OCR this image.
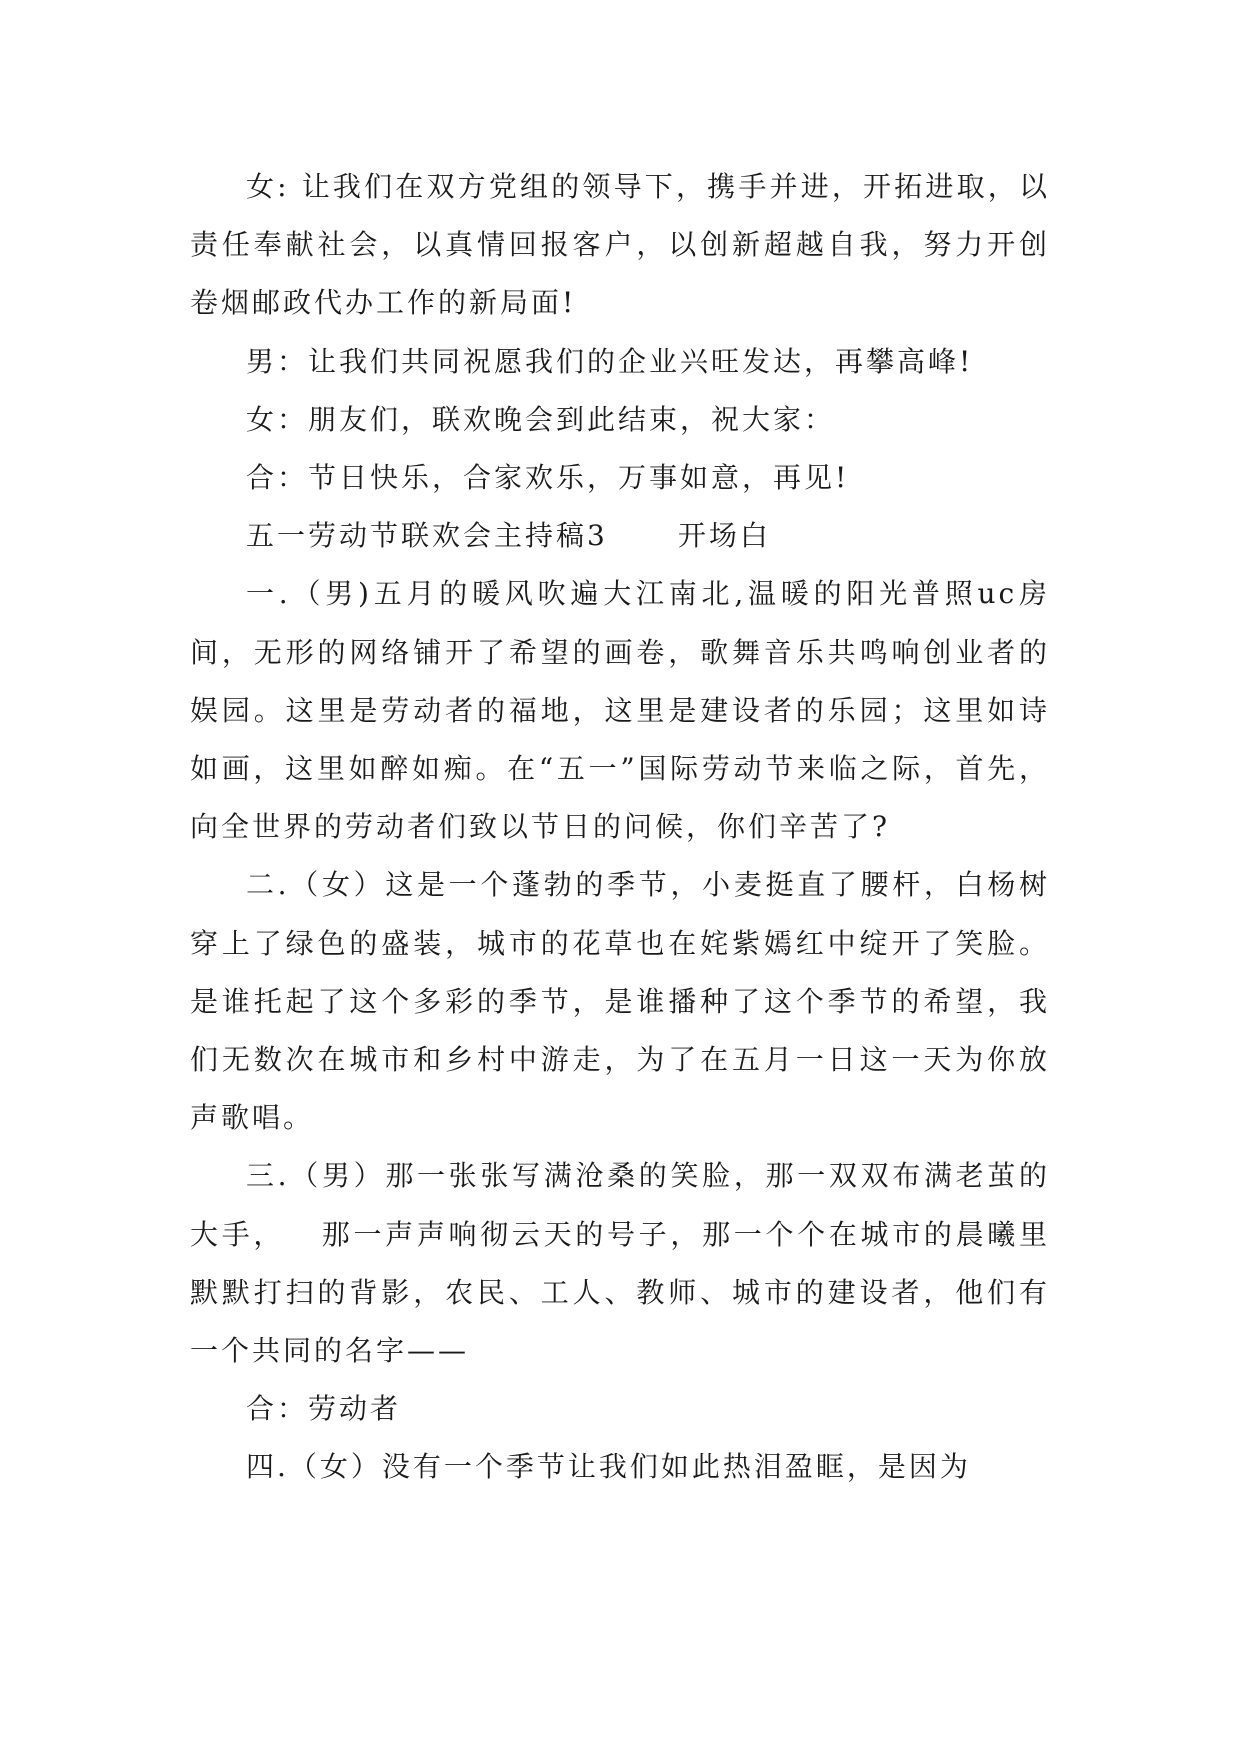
女: 让我们在双方党组的领导下，携手并进，开拓进取，以责任奉献社会，以真情回报客户，以创新超越自我，努力开创卷烟邮政代办工作的新局面!

男：让我们共同祝愿我们的企业兴旺发达，再攀高峰!

女：朋友们，联欢晚会到此结束，祝大家：

合：节日快乐，合家欢乐，万事如意，再见!

五一劳动节联欢会主持稿3	开场白

一.（男)五月的暖风吹遍大江南北,温暖的阳光普照uc房间，无形的网络铺开了希望的画卷，歌舞音乐共鸣响创业者的娱园。这里是劳动者的福地，这里是建设者的乐园；这里如诗如画，这里如醉如痴。在“五一”国际劳动节来临之际，首先，向全世界的劳动者们致以节日的问候，你们辛苦了?

二.（女）这是一个蓬勃的季节，小麦挺直了腰杆，白杨树穿上了绿色的盛装，城市的花草也在姹紫嫣红中绽开了笑脸。是谁托起了这个多彩的季节，是谁播种了这个季节的希望，我们无数次在城市和乡村中游走，为了在五月一日这一天为你放声歌唱。

三.（男）那一张张写满沧桑的笑脸，那一双双布满老茧的大手， 那一声声响彻云天的号子，那一个个在城市的晨曦里默默打扫的背影，农民、工人、教师、城市的建设者，他们有一个共同的名字——

合：劳动者

四.（女）没有一个季节让我们如此热泪盈眶，是因为
